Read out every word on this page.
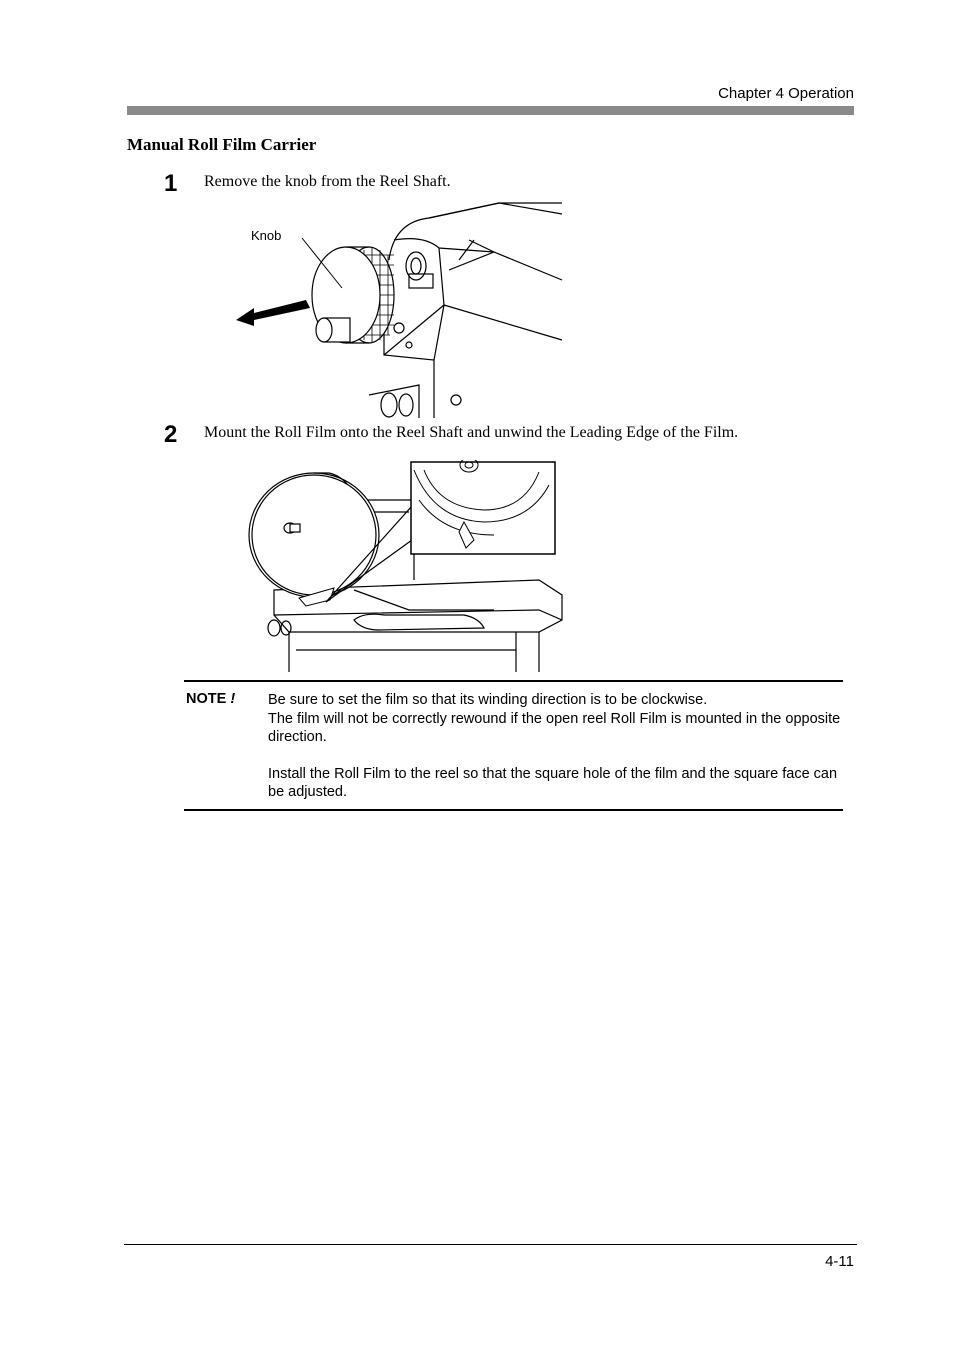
Chapter 4 Operation
Manual Roll Film Carrier
1 Remove the knob from the Reel Shaft.
Knob
2 Mount the Roll Film onto the Reel Shaft and unwind the Leading Edge of the Film.
NOTE ! Be sure to set the film so that its winding direction is to be clockwise.

The film will not be correctly rewound if the open reel Roll Film is mounted in the opposite direction.

Install the Roll Film to the reel so that the square hole of the film and the square face can be adjusted.

4-11
